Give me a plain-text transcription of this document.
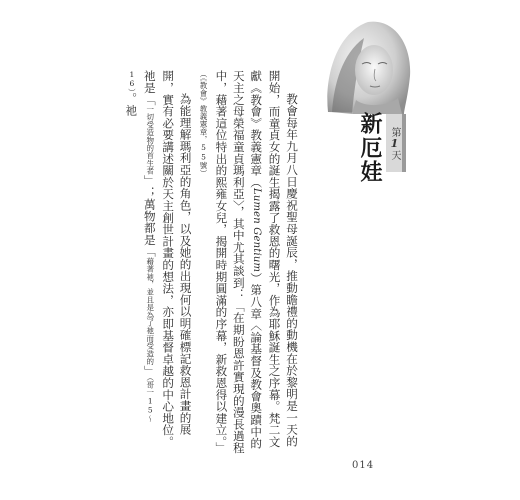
新厄娃 第
1
天

教會每年九月八日慶祝聖母誕辰，推動瞻禮的動機在於黎明是一天的開始，而童貞女的誕生揭露了救恩的曙光，作為耶穌誕生之序幕。梵二文獻《教會》教義憲章（Lumen Gentium）第八章〈論基督及教會奧蹟中的天主之母榮福童貞瑪利亞〉，其中尤其談到：「在期盼恩許實現的漫長過程中，藉著這位特出的熙雍女兒，揭開時期圓滿的序幕，新救恩得以建立。」（《教會》教義憲章，55號）

為能理解瑪利亞的角色，以及她的出現何以明確標記救恩計畫的展開，實有必要講述關於天主創世計畫的想法，亦即基督卓越的中心地位。祂是「一切受造物的首生者」；萬物都是「藉著祂，並且是為了祂而受造的」（哥一15～16）。祂

014
